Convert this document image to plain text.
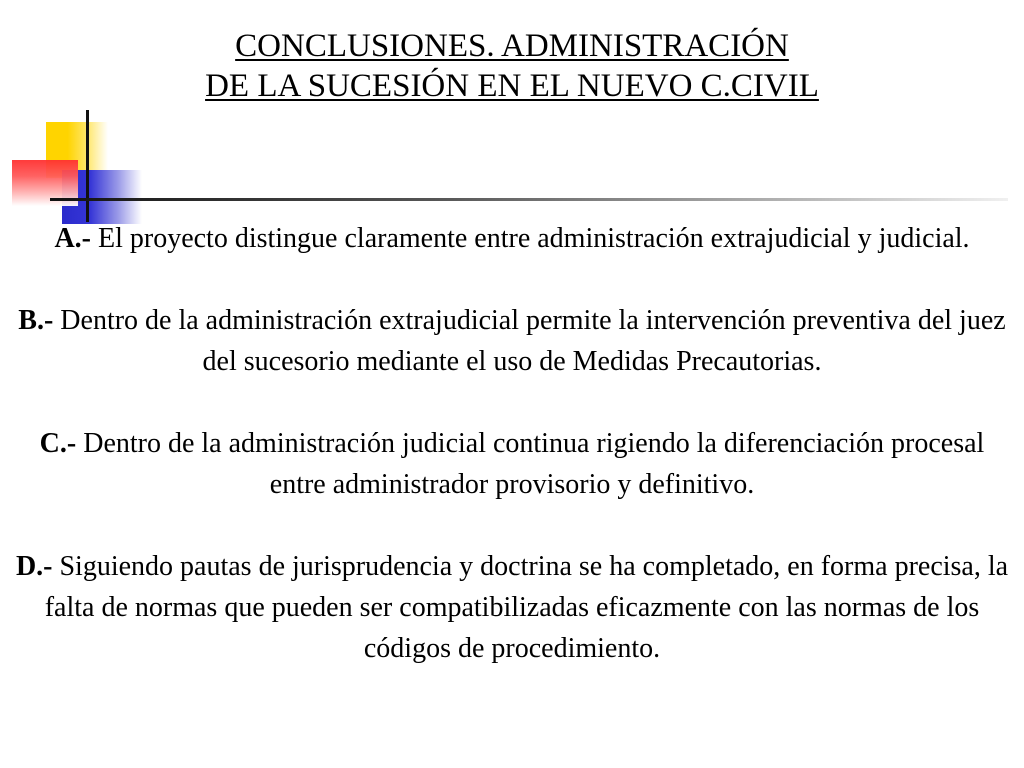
CONCLUSIONES. ADMINISTRACIÓN
DE LA SUCESIÓN EN EL NUEVO C.CIVIL

A.- El proyecto distingue claramente entre administración extrajudicial y judicial.

B.- Dentro de la administración extrajudicial permite la intervención preventiva del juez del sucesorio mediante el uso de Medidas Precautorias.

C.- Dentro de la administración judicial continua rigiendo la diferenciación procesal entre administrador provisorio y definitivo.

D.- Siguiendo pautas de jurisprudencia y doctrina se ha completado, en forma precisa, la falta de normas que pueden ser compatibilizadas eficazmente con las normas de los códigos de procedimiento.
